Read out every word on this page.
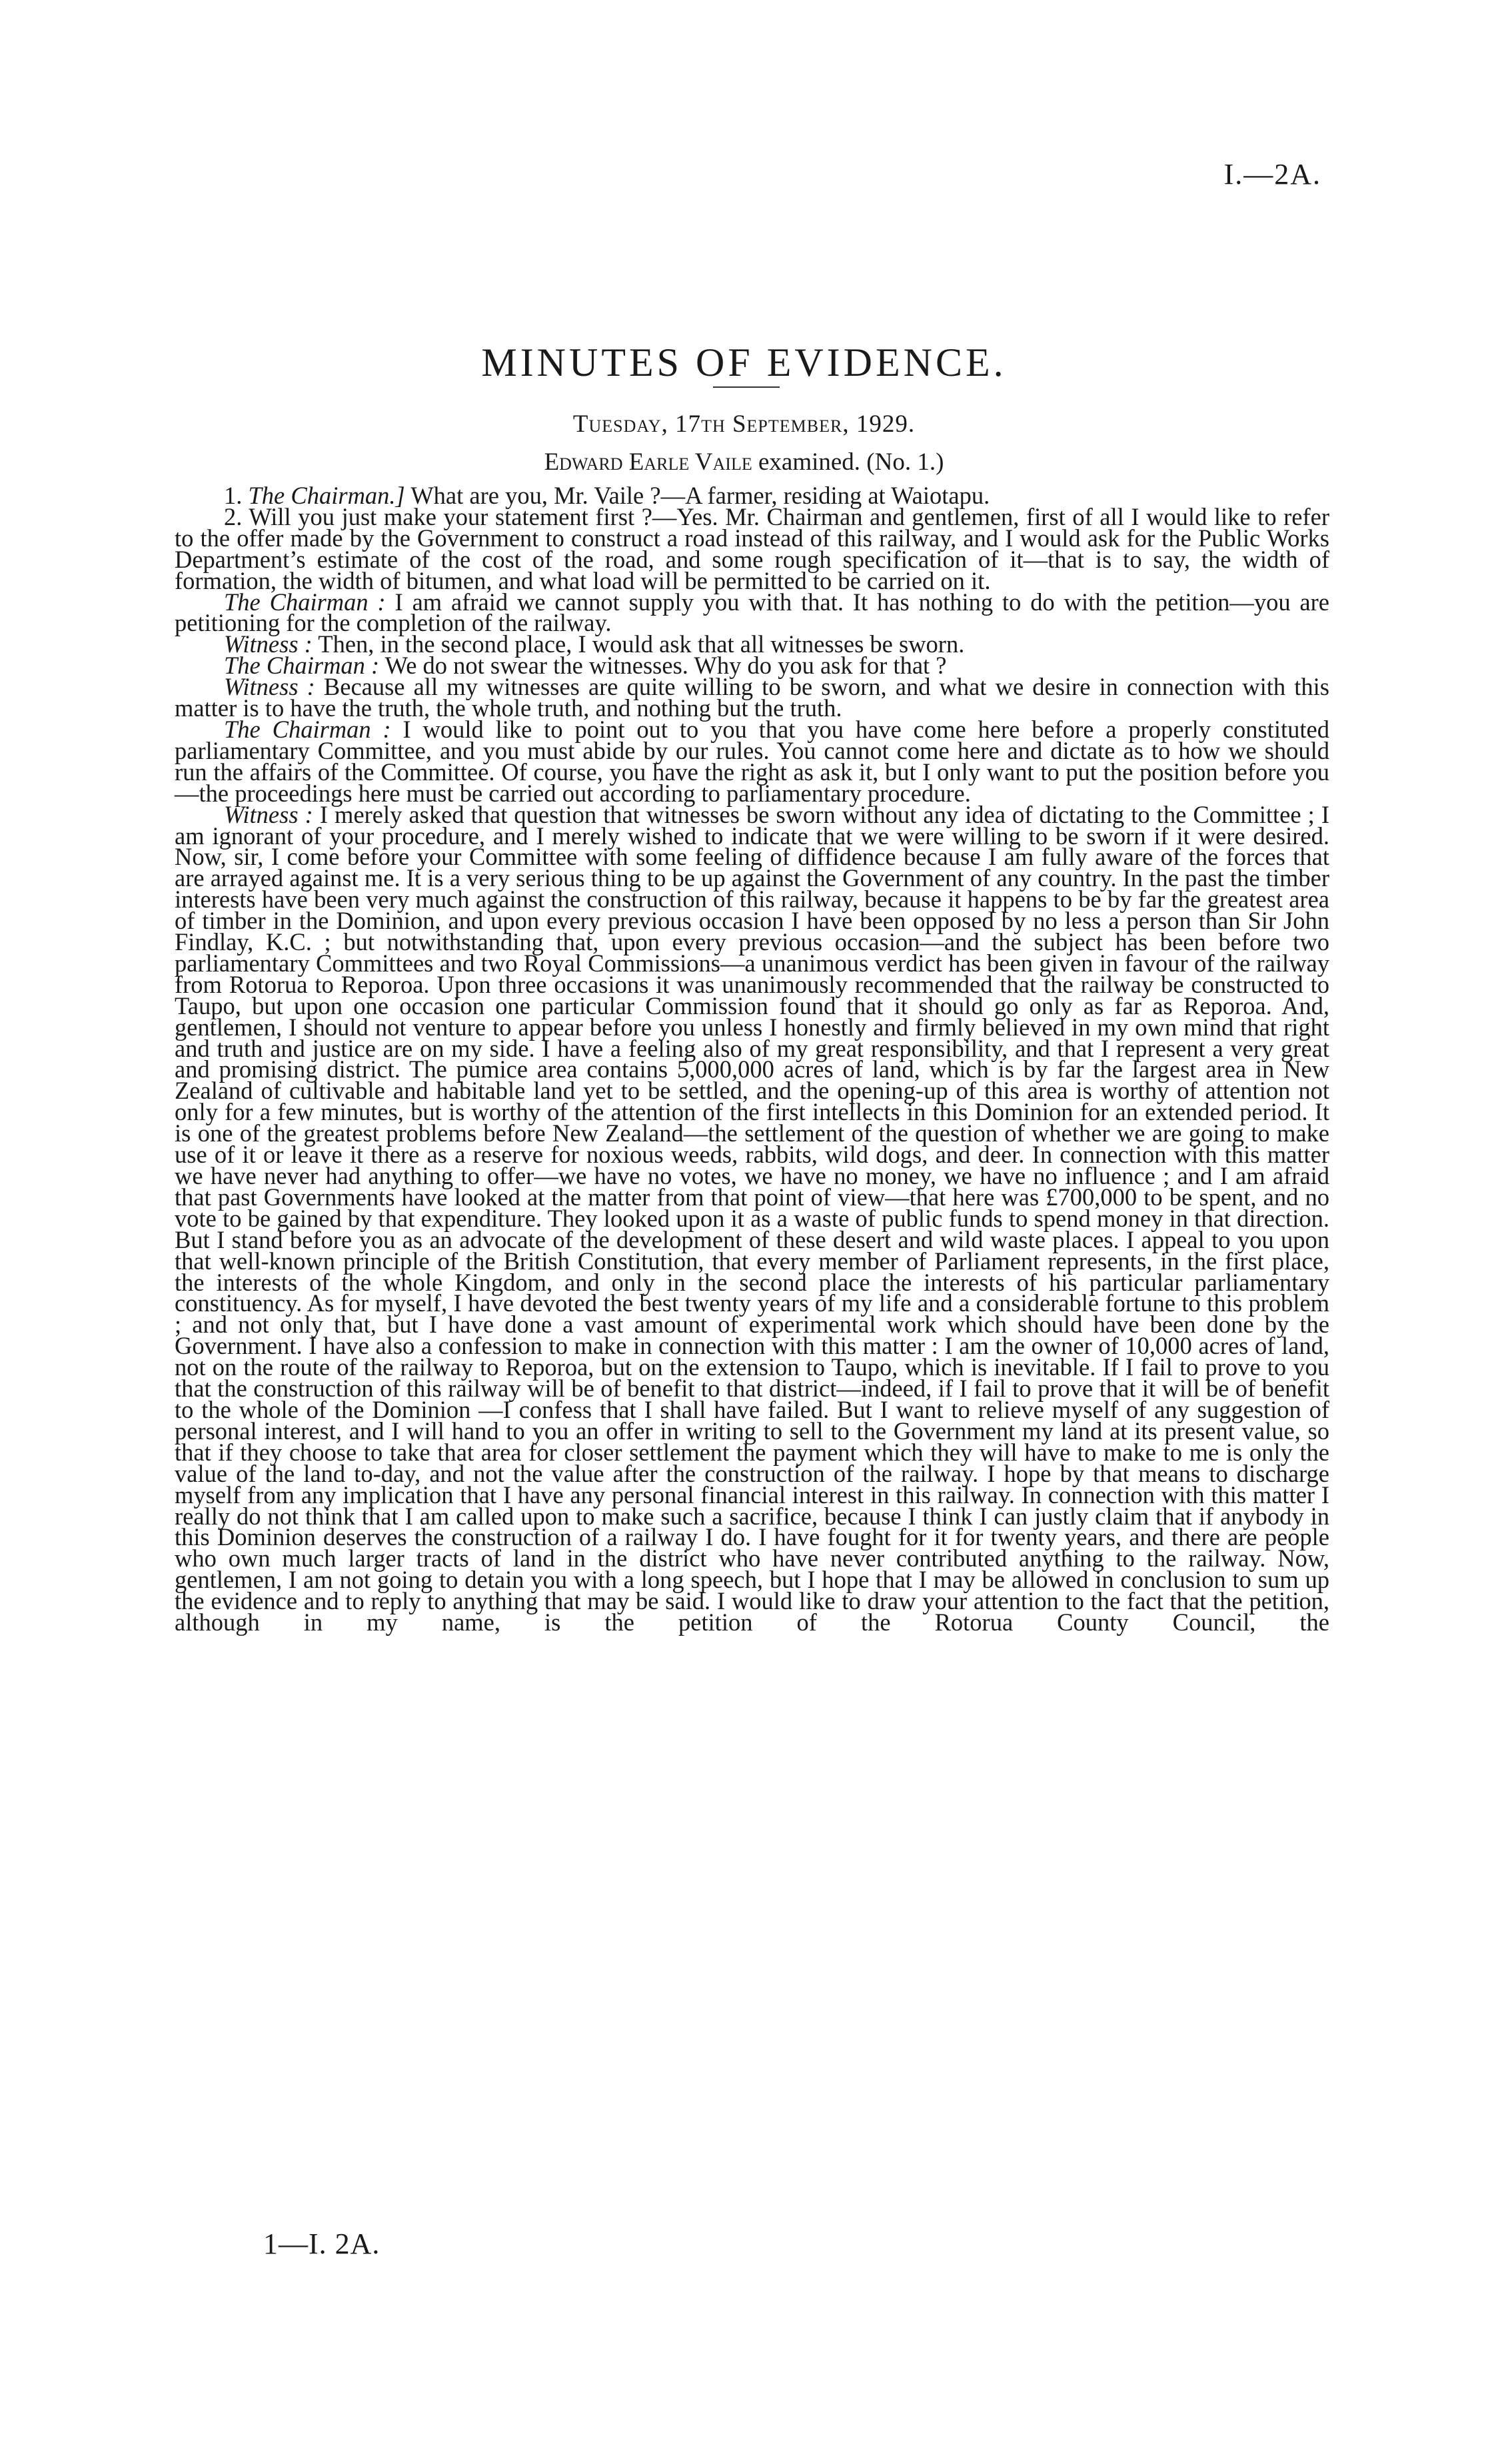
I.—2A.
MINUTES OF EVIDENCE.
Tuesday, 17th September, 1929.
Edward Earle Vaile examined. (No. 1.)

1. The Chairman.] What are you, Mr. Vaile ?—A farmer, residing at Waiotapu.

2. Will you just make your statement first ?—Yes. Mr. Chairman and gentlemen, first of all I would like to refer to the offer made by the Government to construct a road instead of this railway, and I would ask for the Public Works Department’s estimate of the cost of the road, and some rough specification of it—that is to say, the width of formation, the width of bitumen, and what load will be permitted to be carried on it.

The Chairman : I am afraid we cannot supply you with that. It has nothing to do with the petition—you are petitioning for the completion of the railway.

Witness : Then, in the second place, I would ask that all witnesses be sworn.

The Chairman : We do not swear the witnesses. Why do you ask for that ?

Witness : Because all my witnesses are quite willing to be sworn, and what we desire in connection with this matter is to have the truth, the whole truth, and nothing but the truth.

The Chairman : I would like to point out to you that you have come here before a properly constituted parliamentary Committee, and you must abide by our rules. You cannot come here and dictate as to how we should run the affairs of the Committee. Of course, you have the right as ask it, but I only want to put the position before you—the proceedings here must be carried out according to parliamentary procedure.

Witness : I merely asked that question that witnesses be sworn without any idea of dictating to the Committee ; I am ignorant of your procedure, and I merely wished to indicate that we were willing to be sworn if it were desired. Now, sir, I come before your Committee with some feeling of diffidence because I am fully aware of the forces that are arrayed against me. It is a very serious thing to be up against the Government of any country. In the past the timber interests have been very much against the construction of this railway, because it happens to be by far the greatest area of timber in the Dominion, and upon every previous occasion I have been opposed by no less a person than Sir John Findlay, K.C. ; but notwithstanding that, upon every previous occasion—and the subject has been before two parliamentary Committees and two Royal Commissions—a unanimous verdict has been given in favour of the railway from Rotorua to Reporoa. Upon three occasions it was unanimously recommended that the railway be constructed to Taupo, but upon one occasion one particular Commission found that it should go only as far as Reporoa. And, gentlemen, I should not venture to appear before you unless I honestly and firmly believed in my own mind that right and truth and justice are on my side. I have a feeling also of my great responsibility, and that I represent a very great and promising district. The pumice area contains 5,000,000 acres of land, which is by far the largest area in New Zealand of cultivable and habitable land yet to be settled, and the opening-up of this area is worthy of attention not only for a few minutes, but is worthy of the attention of the first intellects in this Dominion for an extended period. It is one of the greatest problems before New Zealand—the settlement of the question of whether we are going to make use of it or leave it there as a reserve for noxious weeds, rabbits, wild dogs, and deer. In connection with this matter we have never had anything to offer—we have no votes, we have no money, we have no influence ; and I am afraid that past Governments have looked at the matter from that point of view—that here was £700,000 to be spent, and no vote to be gained by that expenditure. They looked upon it as a waste of public funds to spend money in that direction. But I stand before you as an advocate of the development of these desert and wild waste places. I appeal to you upon that well-known principle of the British Constitution, that every member of Parliament represents, in the first place, the interests of the whole Kingdom, and only in the second place the interests of his particular parliamentary constituency. As for myself, I have devoted the best twenty years of my life and a considerable fortune to this problem ; and not only that, but I have done a vast amount of experimental work which should have been done by the Government. I have also a confession to make in connection with this matter : I am the owner of 10,000 acres of land, not on the route of the railway to Reporoa, but on the extension to Taupo, which is inevitable. If I fail to prove to you that the construction of this railway will be of benefit to that district—indeed, if I fail to prove that it will be of benefit to the whole of the Dominion —I confess that I shall have failed. But I want to relieve myself of any suggestion of personal interest, and I will hand to you an offer in writing to sell to the Government my land at its present value, so that if they choose to take that area for closer settlement the payment which they will have to make to me is only the value of the land to-day, and not the value after the construction of the railway. I hope by that means to discharge myself from any implication that I have any personal financial interest in this railway. In connection with this matter I really do not think that I am called upon to make such a sacrifice, because I think I can justly claim that if anybody in this Dominion deserves the construction of a railway I do. I have fought for it for twenty years, and there are people who own much larger tracts of land in the district who have never contributed anything to the railway. Now, gentlemen, I am not going to detain you with a long speech, but I hope that I may be allowed in conclusion to sum up the evidence and to reply to anything that may be said. I would like to draw your attention to the fact that the petition, although in my name, is the petition of the Rotorua County Council, the

1—I. 2A.
